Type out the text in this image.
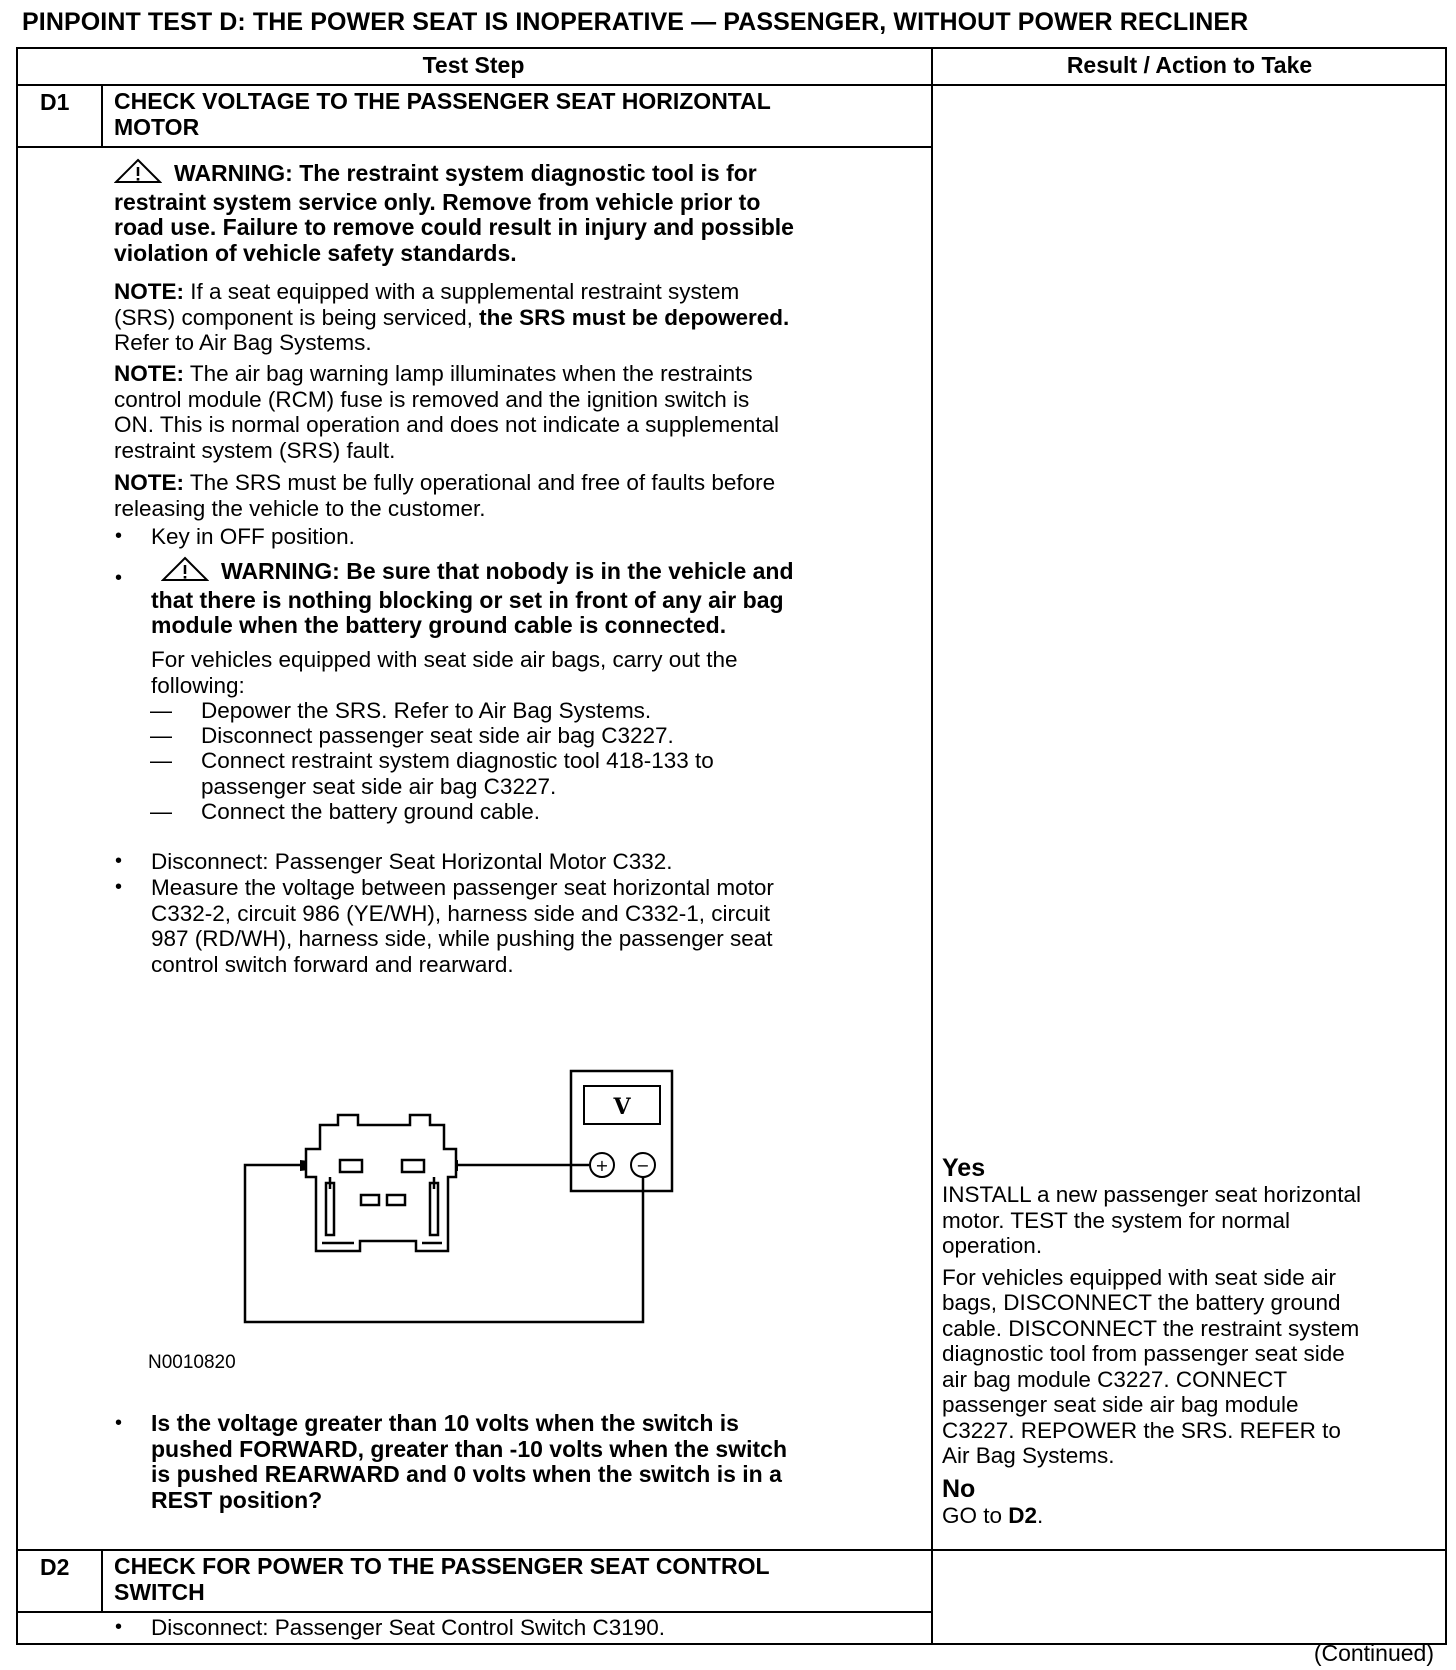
PINPOINT TEST D: THE POWER SEAT IS INOPERATIVE — PASSENGER, WITHOUT POWER RECLINER
Test Step	Result / Action to Take
D1 CHECK VOLTAGE TO THE PASSENGER SEAT HORIZONTAL

MOTOR

WARNING: The restraint system diagnostic tool is for

restraint system service only. Remove from vehicle prior to

road use. Failure to remove could result in injury and possible

violation of vehicle safety standards.

NOTE: If a seat equipped with a supplemental restraint system

(SRS) component is being serviced, the SRS must be depowered.

Refer to Air Bag Systems.

NOTE: The air bag warning lamp illuminates when the restraints

control module (RCM) fuse is removed and the ignition switch is

ON. This is normal operation and does not indicate a supplemental

restraint system (SRS) fault.

NOTE: The SRS must be fully operational and free of faults before

releasing the vehicle to the customer.

• Key in OFF position.
•	WARNING: Be sure that nobody is in the vehicle and

that there is nothing blocking or set in front of any air bag

module when the battery ground cable is connected.

For vehicles equipped with seat side air bags, carry out the

following:

— Depower the SRS. Refer to Air Bag Systems.
— Disconnect passenger seat side air bag C3227.
— Connect restraint system diagnostic tool 418-133 to

passenger seat side air bag C3227.

— Connect the battery ground cable.
• Disconnect: Passenger Seat Horizontal Motor C332.
• Measure the voltage between passenger seat horizontal motor

C332-2, circuit 986 (YE/WH), harness side and C332-1, circuit

987 (RD/WH), harness side, while pushing the passenger seat

control switch forward and rearward.

V
+ −
N0010820
• Is the voltage greater than 10 volts when the switch is

pushed FORWARD, greater than -10 volts when the switch

is pushed REARWARD and 0 volts when the switch is in a

REST position?

Yes

INSTALL a new passenger seat horizontal

motor. TEST the system for normal

operation.

For vehicles equipped with seat side air

bags, DISCONNECT the battery ground

cable. DISCONNECT the restraint system

diagnostic tool from passenger seat side

air bag module C3227. CONNECT

passenger seat side air bag module

C3227. REPOWER the SRS. REFER to

Air Bag Systems.

No

GO to D2.

D2 CHECK FOR POWER TO THE PASSENGER SEAT CONTROL

SWITCH

• Disconnect: Passenger Seat Control Switch C3190.
(Continued)
